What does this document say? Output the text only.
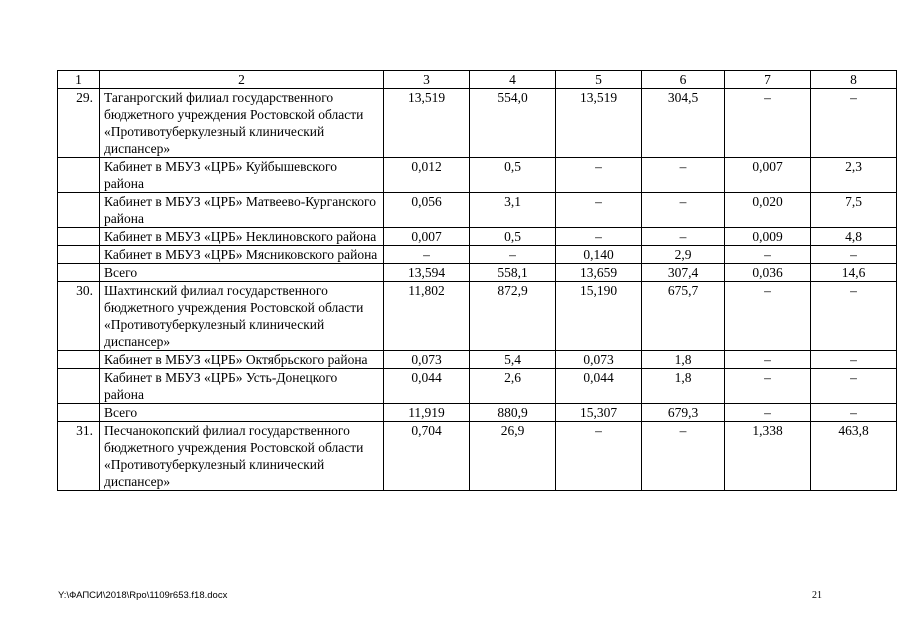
1	2	3	4	5	6	7	8
29.	Таганрогский филиал государственного бюджетного учреждения Ростовской области «Противотуберкулезный клинический диспансер»	13,519	554,0	13,519	304,5	–	–
	Кабинет в МБУЗ «ЦРБ» Куйбышевского района	0,012	0,5	–	–	0,007	2,3
	Кабинет в МБУЗ «ЦРБ» Матвеево-Курганского района	0,056	3,1	–	–	0,020	7,5
	Кабинет в МБУЗ «ЦРБ» Неклиновского района	0,007	0,5	–	–	0,009	4,8
	Кабинет в МБУЗ «ЦРБ» Мясниковского района	–	–	0,140	2,9	–	–
	Всего	13,594	558,1	13,659	307,4	0,036	14,6
30.	Шахтинский филиал государственного бюджетного учреждения Ростовской области «Противотуберкулезный клинический диспансер»	11,802	872,9	15,190	675,7	–	–
	Кабинет в МБУЗ «ЦРБ» Октябрьского района	0,073	5,4	0,073	1,8	–	–
	Кабинет в МБУЗ «ЦРБ» Усть-Донецкого района	0,044	2,6	0,044	1,8	–	–
	Всего	11,919	880,9	15,307	679,3	–	–
31.	Песчанокопский филиал государственного бюджетного учреждения Ростовской области «Противотуберкулезный клинический диспансер»	0,704	26,9	–	–	1,338	463,8
Y:\ФАПСИ\2018\Rpo\1109r653.f18.docx	21
